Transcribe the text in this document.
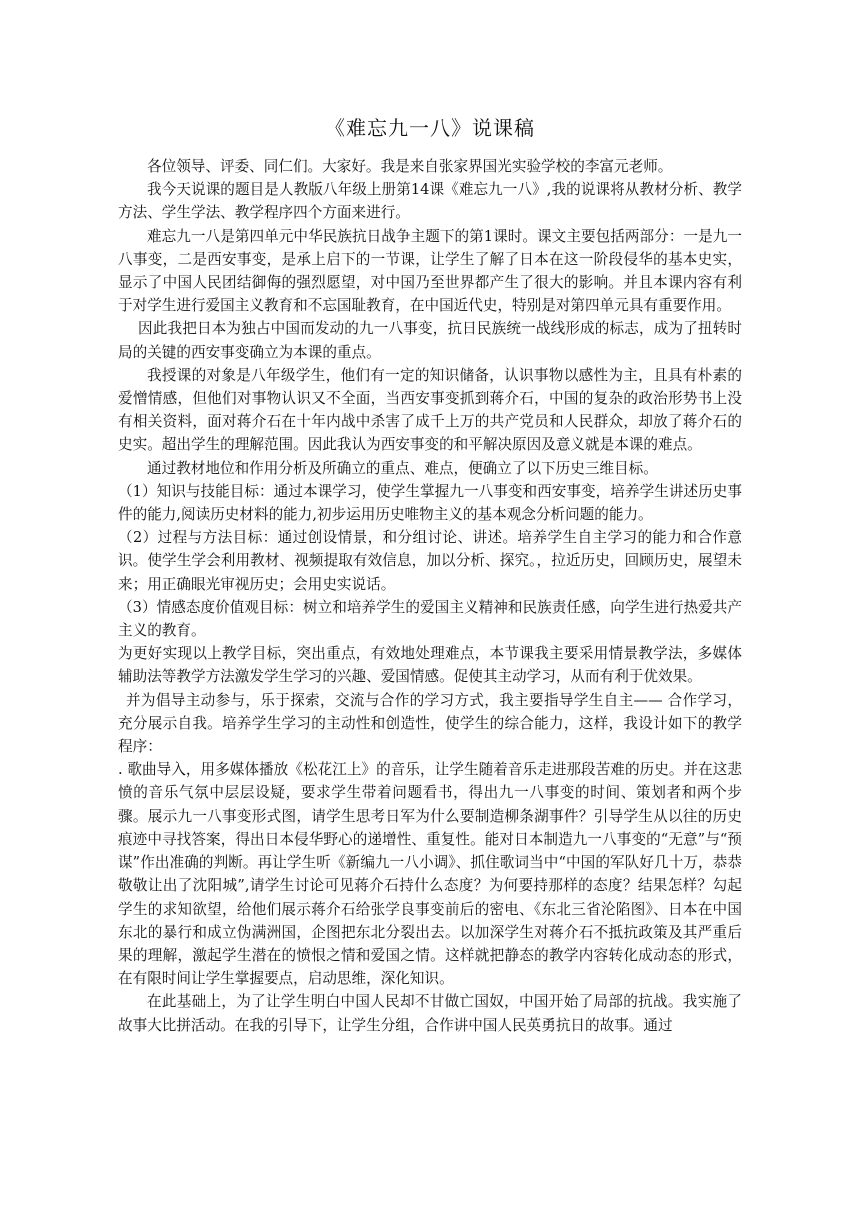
《难忘九一八》说课稿

各位领导、评委、同仁们。大家好。我是来自张家界国光实验学校的李富元老师。

我今天说课的题目是人教版八年级上册第14课《难忘九一八》,我的说课将从教材分析、教学方法、学生学法、教学程序四个方面来进行。

难忘九一八是第四单元中华民族抗日战争主题下的第1课时。课文主要包括两部分：一是九一八事变，二是西安事变，是承上启下的一节课，让学生了解了日本在这一阶段侵华的基本史实，显示了中国人民团结御侮的强烈愿望，对中国乃至世界都产生了很大的影响。并且本课内容有利于对学生进行爱国主义教育和不忘国耻教育，在中国近代史，特别是对第四单元具有重要作用。

因此我把日本为独占中国而发动的九一八事变，抗日民族统一战线形成的标志，成为了扭转时局的关键的西安事变确立为本课的重点。

我授课的对象是八年级学生，他们有一定的知识储备，认识事物以感性为主，且具有朴素的爱憎情感，但他们对事物认识又不全面，当西安事变抓到蒋介石，中国的复杂的政治形势书上没有相关资料，面对蒋介石在十年内战中杀害了成千上万的共产党员和人民群众，却放了蒋介石的史实。超出学生的理解范围。因此我认为西安事变的和平解决原因及意义就是本课的难点。

通过教材地位和作用分析及所确立的重点、难点，便确立了以下历史三维目标。

（1）知识与技能目标：通过本课学习，使学生掌握九一八事变和西安事变，培养学生讲述历史事件的能力,阅读历史材料的能力,初步运用历史唯物主义的基本观念分析问题的能力。

（2）过程与方法目标：通过创设情景，和分组讨论、讲述。培养学生自主学习的能力和合作意识。使学生学会利用教材、视频提取有效信息，加以分析、探究。，拉近历史，回顾历史，展望未来；用正确眼光审视历史；会用史实说话。

（3）情感态度价值观目标：树立和培养学生的爱国主义精神和民族责任感，向学生进行热爱共产主义的教育。

为更好实现以上教学目标，突出重点，有效地处理难点，本节课我主要采用情景教学法，多媒体辅助法等教学方法激发学生学习的兴趣、爱国情感。促使其主动学习，从而有利于优效果。

并为倡导主动参与，乐于探索，交流与合作的学习方式，我主要指导学生自主—— 合作学习，充分展示自我。培养学生学习的主动性和创造性，使学生的综合能力，这样，我设计如下的教学程序：

. 歌曲导入，用多媒体播放《松花江上》的音乐，让学生随着音乐走进那段苦难的历史。并在这悲愤的音乐气氛中层层设疑，要求学生带着问题看书，得出九一八事变的时间、策划者和两个步骤。展示九一八事变形式图，请学生思考日军为什么要制造柳条湖事件？引导学生从以往的历史痕迹中寻找答案，得出日本侵华野心的递增性、重复性。能对日本制造九一八事变的“无意”与“预谋”作出准确的判断。再让学生听《新编九一八小调》、抓住歌词当中“中国的军队好几十万，恭恭敬敬让出了沈阳城”,请学生讨论可见蒋介石持什么态度？为何要持那样的态度？结果怎样？勾起学生的求知欲望，给他们展示蒋介石给张学良事变前后的密电、《东北三省沦陷图》、日本在中国东北的暴行和成立伪满洲国，企图把东北分裂出去。以加深学生对蒋介石不抵抗政策及其严重后果的理解，激起学生潜在的愤恨之情和爱国之情。这样就把静态的教学内容转化成动态的形式，在有限时间让学生掌握要点，启动思维，深化知识。

在此基础上，为了让学生明白中国人民却不甘做亡国奴，中国开始了局部的抗战。我实施了故事大比拼活动。在我的引导下，让学生分组，合作讲中国人民英勇抗日的故事。通过
